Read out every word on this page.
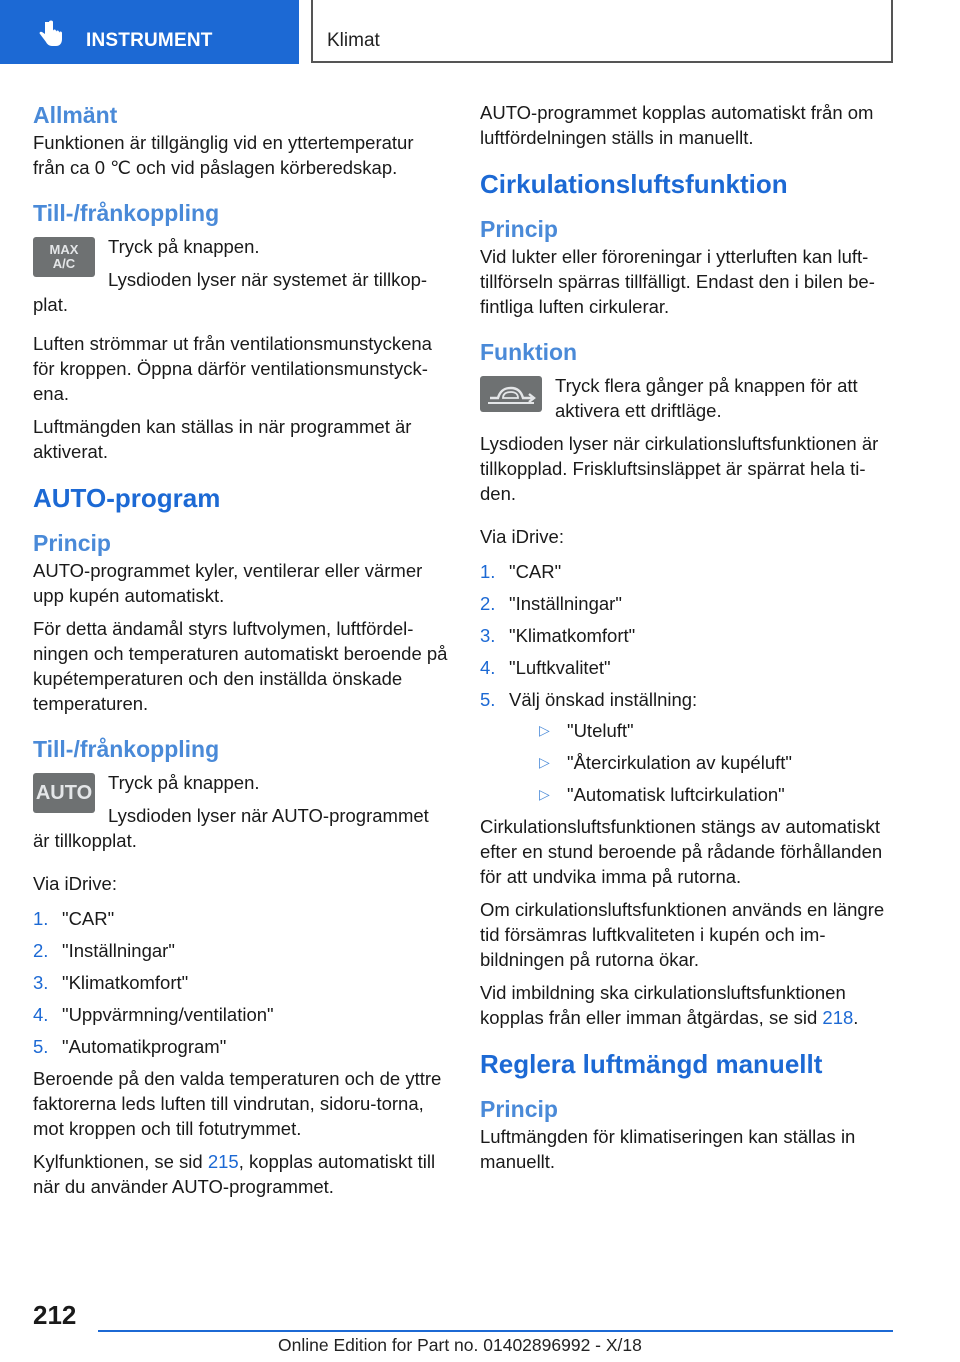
INSTRUMENT	Klimat
Allmänt

Funktionen är tillgänglig vid en yttertemperatur från ca 0 ℃ och vid påslagen körberedskap.

Till-/frånkoppling
MAX
A/C

Tryck på knappen.

Lysdioden lyser när systemet är tillkop-plat.

Luften strömmar ut från ventilationsmunstyckena för kroppen. Öppna därför ventilationsmunstyck-ena.

Luftmängden kan ställas in när programmet är aktiverat.

AUTO-program
Princip

AUTO-programmet kyler, ventilerar eller värmer upp kupén automatiskt.

För detta ändamål styrs luftvolymen, luftfördel-ningen och temperaturen automatiskt beroende på kupétemperaturen och den inställda önskade temperaturen.

Till-/frånkoppling
AUTO Tryck på knappen.

Lysdioden lyser när AUTO-programmet är tillkopplat.

Via iDrive:

1. "CAR"
2. "Inställningar"
3. "Klimatkomfort"
4. "Uppvärmning/ventilation"
5. "Automatikprogram"

Beroende på den valda temperaturen och de yttre faktorerna leds luften till vindrutan, sidoru-torna, mot kroppen och till fotutrymmet.

Kylfunktionen, se sid 215, kopplas automatiskt till när du använder AUTO-programmet.

AUTO-programmet kopplas automatiskt från om luftfördelningen ställs in manuellt.

Cirkulationsluftsfunktion
Princip

Vid lukter eller föroreningar i ytterluften kan luft-tillförseln spärras tillfälligt. Endast den i bilen be-fintliga luften cirkulerar.

Funktion

Tryck flera gånger på knappen för att aktivera ett driftläge.

Lysdioden lyser när cirkulationsluftsfunktionen är tillkopplad. Friskluftsinsläppet är spärrat hela ti-den.

Via iDrive:

1. "CAR"
2. "Inställningar"
3. "Klimatkomfort"
4. "Luftkvalitet"
5. Välj önskad inställning:
▷ "Uteluft"
▷ "Återcirkulation av kupéluft"
▷ "Automatisk luftcirkulation"

Cirkulationsluftsfunktionen stängs av automatiskt efter en stund beroende på rådande förhållanden för att undvika imma på rutorna.

Om cirkulationsluftsfunktionen används en längre tid försämras luftkvaliteten i kupén och im-bildningen på rutorna ökar.

Vid imbildning ska cirkulationsluftsfunktionen kopplas från eller imman åtgärdas, se sid 218.

Reglera luftmängd manuellt
Princip

Luftmängden för klimatiseringen kan ställas in manuellt.

212
Online Edition for Part no. 01402896992 - X/18
